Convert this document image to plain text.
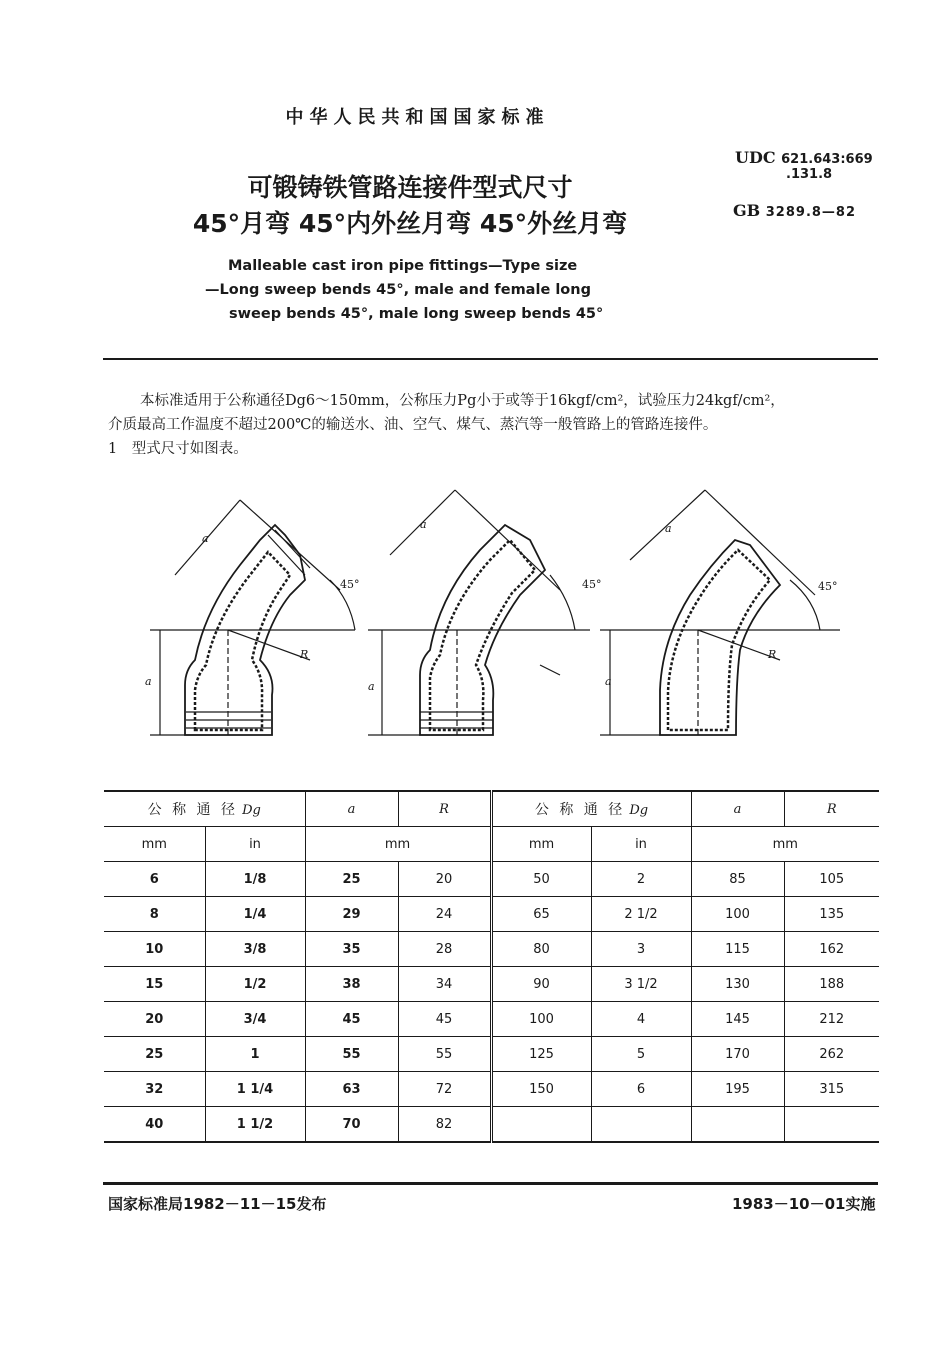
中华人民共和国国家标准
可锻铸铁管路连接件型式尺寸
45°月弯 45°内外丝月弯 45°外丝月弯
UDC 621.643:669
.131.8
GB 3289.8—82
Malleable cast iron pipe fittings—Type size
—Long sweep bends 45°, male and female long
sweep bends 45°, male long sweep bends 45°
本标准适用于公称通径Dg6～150mm，公称压力Pg小于或等于16kgf/cm²，试验压力24kgf/cm²，
介质最高工作温度不超过200℃的输送水、油、空气、煤气、蒸汽等一般管路上的管路连接件。
1　型式尺寸如图表。
a
45°
R
a
a
45°
a
a
45°
R
a
公 称 通 径 Dg		a	R	公 称 通 径 Dg		a	R
mm	in	mm		mm	in	mm	
6	1/8	25	20	50	2	85	105
8	1/4	29	24	65	2 1/2	100	135
10	3/8	35	28	80	3	115	162
15	1/2	38	34	90	3 1/2	130	188
20	3/4	45	45	100	4	145	212
25	1	55	55	125	5	170	262
32	1 1/4	63	72	150	6	195	315
40	1 1/2	70	82				
国家标准局1982－11－15发布	1983－10－01实施
